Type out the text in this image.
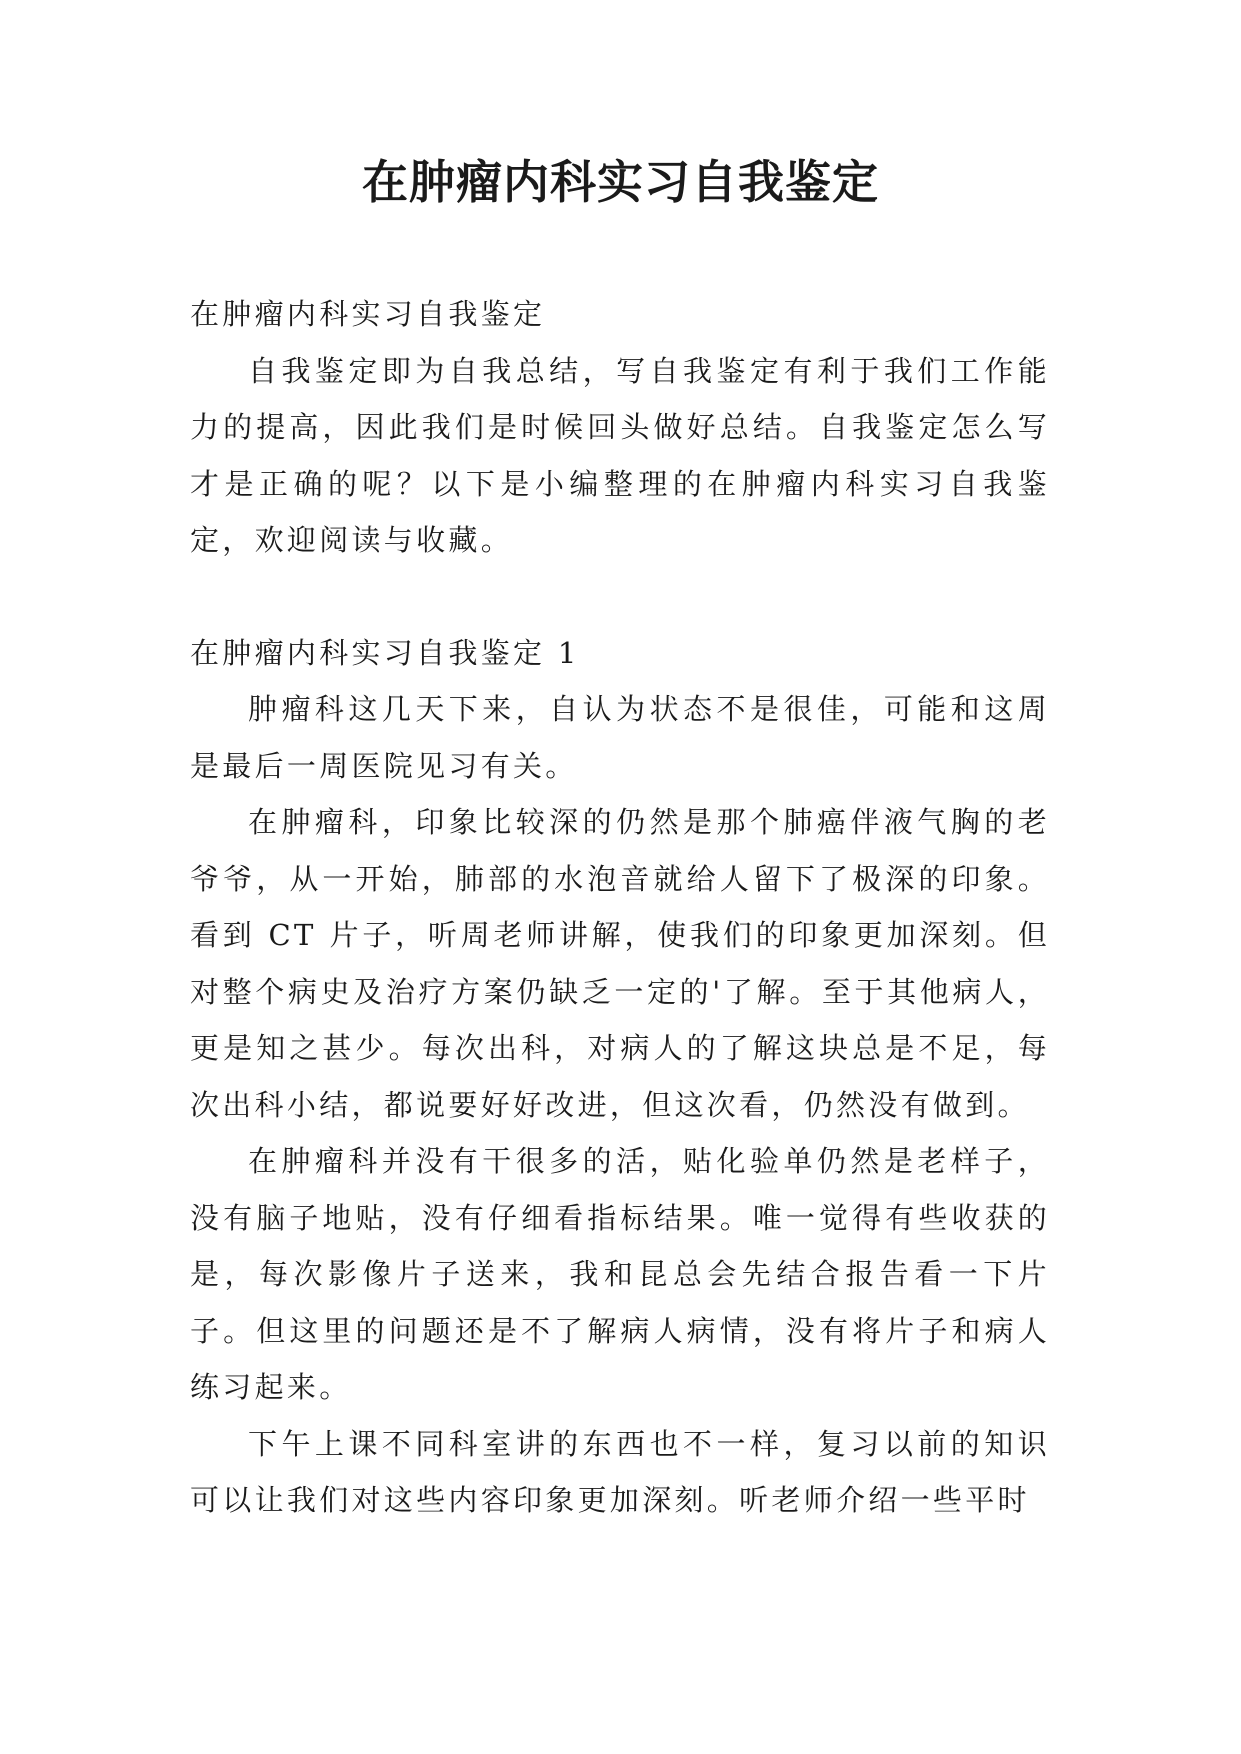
在肿瘤内科实习自我鉴定

在肿瘤内科实习自我鉴定

自我鉴定即为自我总结，写自我鉴定有利于我们工作能力的提高，因此我们是时候回头做好总结。自我鉴定怎么写才是正确的呢？以下是小编整理的在肿瘤内科实习自我鉴定，欢迎阅读与收藏。

在肿瘤内科实习自我鉴定 1

肿瘤科这几天下来，自认为状态不是很佳，可能和这周是最后一周医院见习有关。

在肿瘤科，印象比较深的仍然是那个肺癌伴液气胸的老爷爷，从一开始，肺部的水泡音就给人留下了极深的印象。看到 CT 片子，听周老师讲解，使我们的印象更加深刻。但对整个病史及治疗方案仍缺乏一定的'了解。至于其他病人，更是知之甚少。每次出科，对病人的了解这块总是不足，每次出科小结，都说要好好改进，但这次看，仍然没有做到。

在肿瘤科并没有干很多的活，贴化验单仍然是老样子，没有脑子地贴，没有仔细看指标结果。唯一觉得有些收获的是，每次影像片子送来，我和昆总会先结合报告看一下片子。但这里的问题还是不了解病人病情，没有将片子和病人练习起来。

下午上课不同科室讲的东西也不一样，复习以前的知识可以让我们对这些内容印象更加深刻。听老师介绍一些平时
